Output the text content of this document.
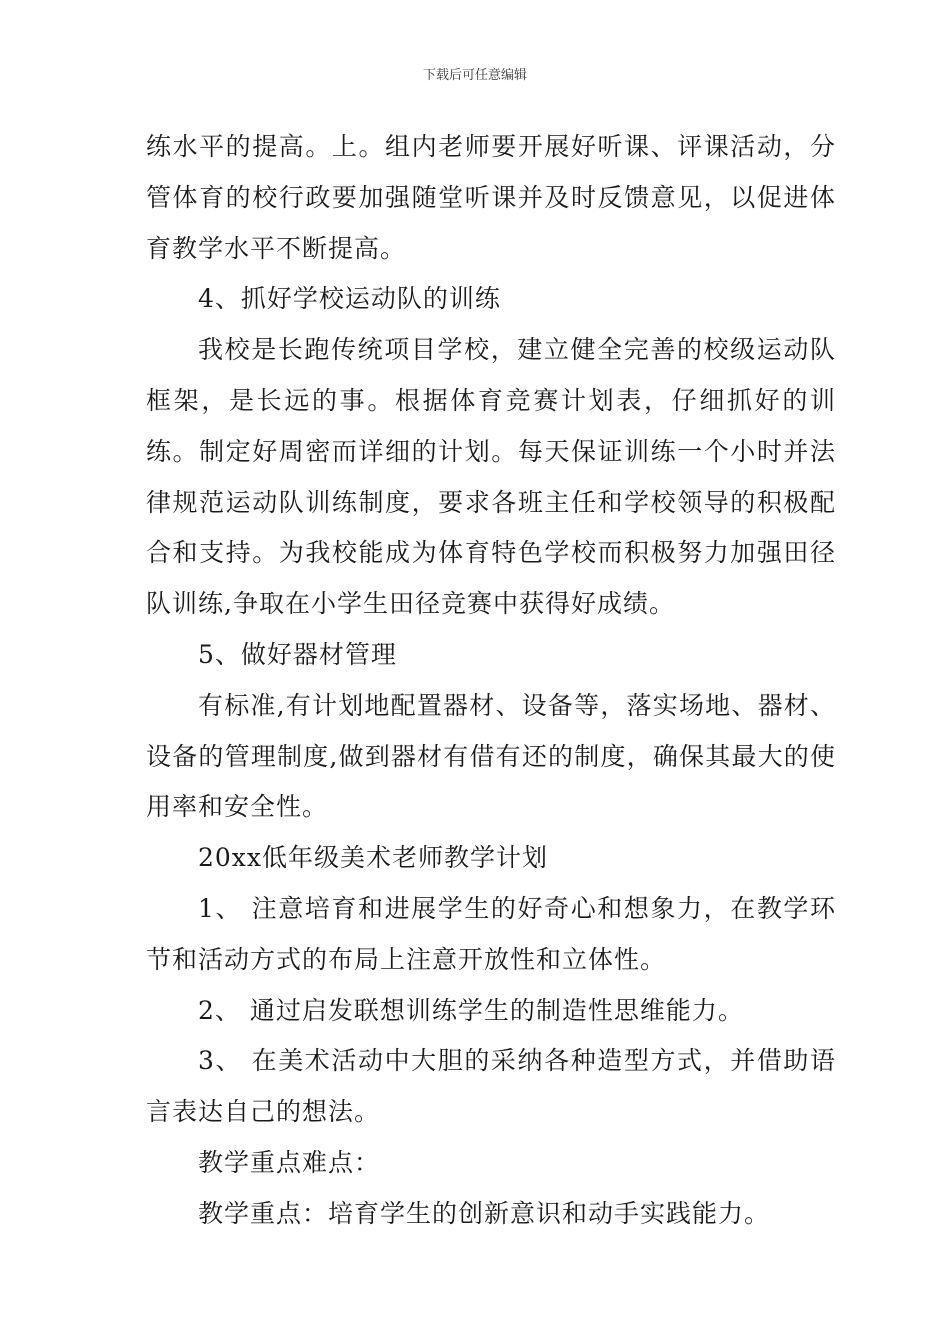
下载后可任意编辑

练水平的提高。上。组内老师要开展好听课、评课活动，分管体育的校行政要加强随堂听课并及时反馈意见，以促进体育教学水平不断提高。

4、抓好学校运动队的训练

我校是长跑传统项目学校，建立健全完善的校级运动队框架，是长远的事。根据体育竞赛计划表，仔细抓好的训练。制定好周密而详细的计划。每天保证训练一个小时并法律规范运动队训练制度，要求各班主任和学校领导的积极配合和支持。为我校能成为体育特色学校而积极努力加强田径队训练,争取在小学生田径竞赛中获得好成绩。

5、做好器材管理

有标准,有计划地配置器材、设备等，落实场地、器材、设备的管理制度,做到器材有借有还的制度，确保其最大的使用率和安全性。

20xx低年级美术老师教学计划

1、 注意培育和进展学生的好奇心和想象力，在教学环节和活动方式的布局上注意开放性和立体性。

2、 通过启发联想训练学生的制造性思维能力。

3、 在美术活动中大胆的采纳各种造型方式，并借助语言表达自己的想法。

教学重点难点：

教学重点：培育学生的创新意识和动手实践能力。
